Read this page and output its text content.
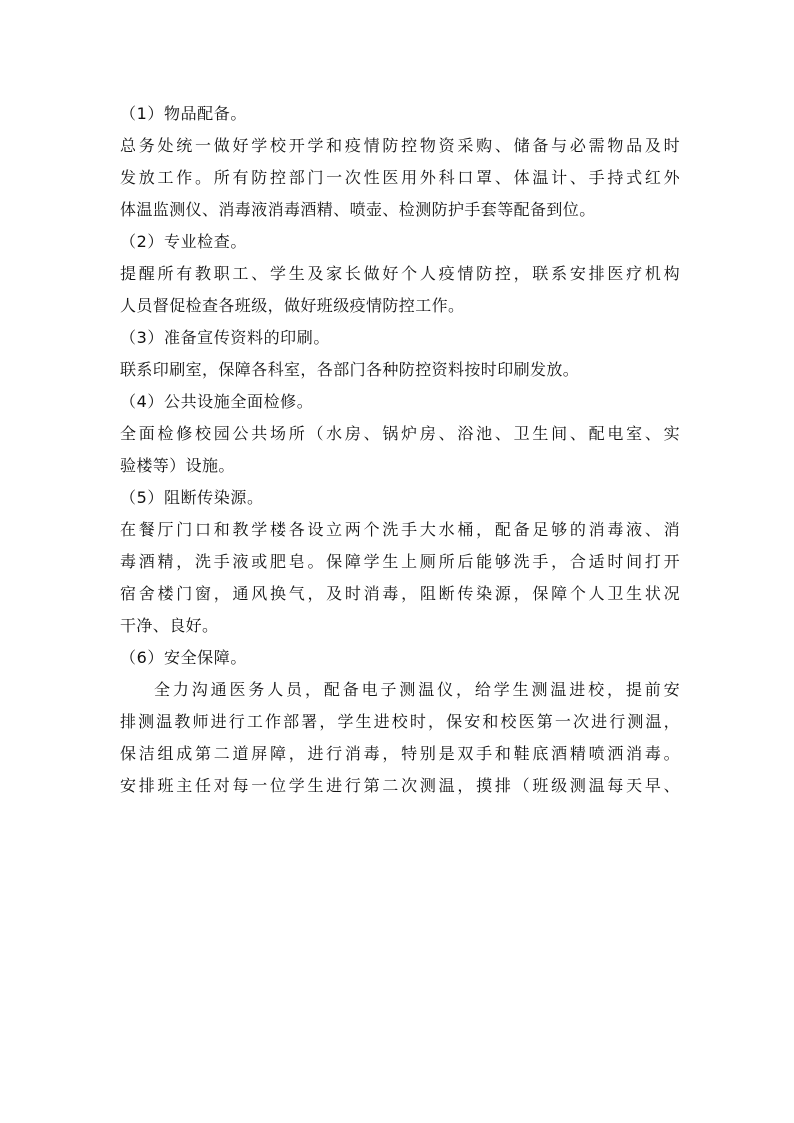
（1）物品配备。
总务处统一做好学校开学和疫情防控物资采购、储备与必需物品及时
发放工作。所有防控部门一次性医用外科口罩、体温计、手持式红外
体温监测仪、消毒液消毒酒精、喷壶、检测防护手套等配备到位。
（2）专业检查。
提醒所有教职工、学生及家长做好个人疫情防控，联系安排医疗机构
人员督促检查各班级，做好班级疫情防控工作。
（3）准备宣传资料的印刷。
联系印刷室，保障各科室，各部门各种防控资料按时印刷发放。
（4）公共设施全面检修。
全面检修校园公共场所（水房、锅炉房、浴池、卫生间、配电室、实
验楼等）设施。
（5）阻断传染源。
在餐厅门口和教学楼各设立两个洗手大水桶，配备足够的消毒液、消
毒酒精，洗手液或肥皂。保障学生上厕所后能够洗手，合适时间打开
宿舍楼门窗，通风换气，及时消毒，阻断传染源，保障个人卫生状况
干净、良好。
（6）安全保障。
全力沟通医务人员，配备电子测温仪，给学生测温进校，提前安
排测温教师进行工作部署，学生进校时，保安和校医第一次进行测温，
保洁组成第二道屏障，进行消毒，特别是双手和鞋底酒精喷洒消毒。
安排班主任对每一位学生进行第二次测温，摸排（班级测温每天早、
